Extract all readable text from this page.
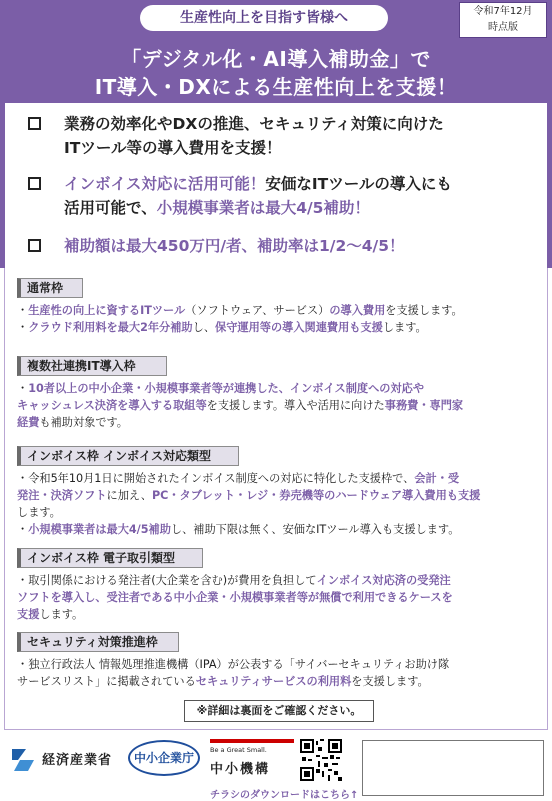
生産性向上を目指す皆様へ	令和7年12月
時点版
「デジタル化・AI導入補助金」で
IT導入・DXによる生産性向上を支援！
業務の効率化やDXの推進、セキュリティ対策に向けた
ITツール等の導入費用を支援！
インボイス対応に活用可能！安価なITツールの導入にも
活用可能で、小規模事業者は最大4/5補助！
補助額は最大450万円/者、補助率は1/2～4/5！
通常枠
・生産性の向上に資するITツール（ソフトウェア、サービス）の導入費用を支援します。
・クラウド利用料を最大2年分補助し、保守運用等の導入関連費用も支援します。
複数社連携IT導入枠
・10者以上の中小企業・小規模事業者等が連携した、インボイス制度への対応や
キャッシュレス決済を導入する取組等を支援します。導入や活用に向けた事務費・専門家
経費も補助対象です。
インボイス枠 インボイス対応類型
・令和5年10月1日に開始されたインボイス制度への対応に特化した支援枠で、会計・受
発注・決済ソフトに加え、PC・タブレット・レジ・券売機等のハードウェア導入費用も支援
します。
・小規模事業者は最大4/5補助し、補助下限は無く、安価なITツール導入も支援します。
インボイス枠 電子取引類型
・取引関係における発注者(大企業を含む)が費用を負担してインボイス対応済の受発注
ソフトを導入し、受注者である中小企業・小規模事業者等が無償で利用できるケースを
支援します。
セキュリティ対策推進枠
・独立行政法人 情報処理推進機構（IPA）が公表する「サイバーセキュリティお助け隊
サービスリスト」に掲載されているセキュリティサービスの利用料を支援します。
※詳細は裏面をご確認ください。
経済産業省	中小企業庁
Be a Great Small.
中小機構
チラシのダウンロードはこちら↑
